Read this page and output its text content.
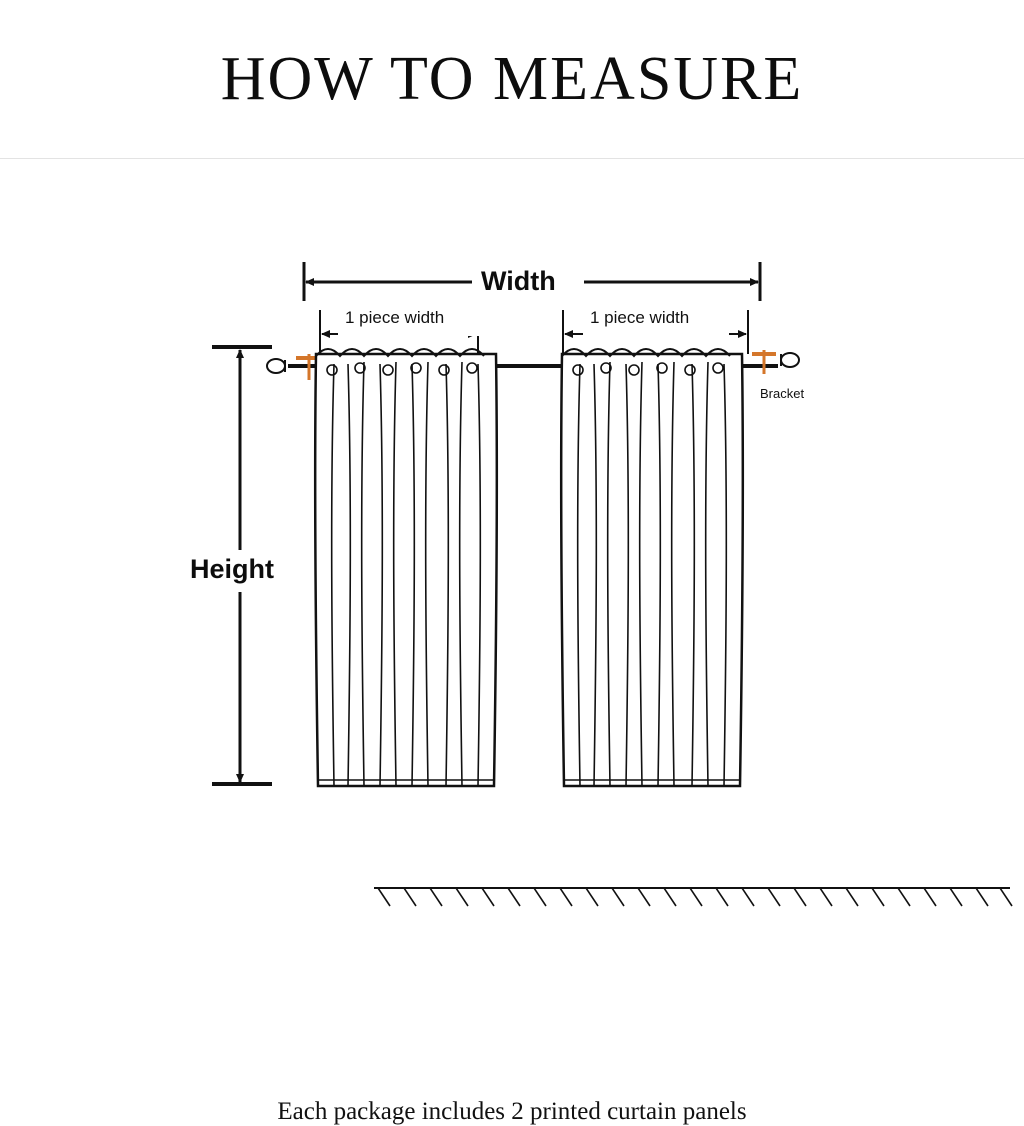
HOW TO MEASURE
Width
Height
1 piece width	1 piece width
Bracket
Each package includes 2 printed curtain panels
